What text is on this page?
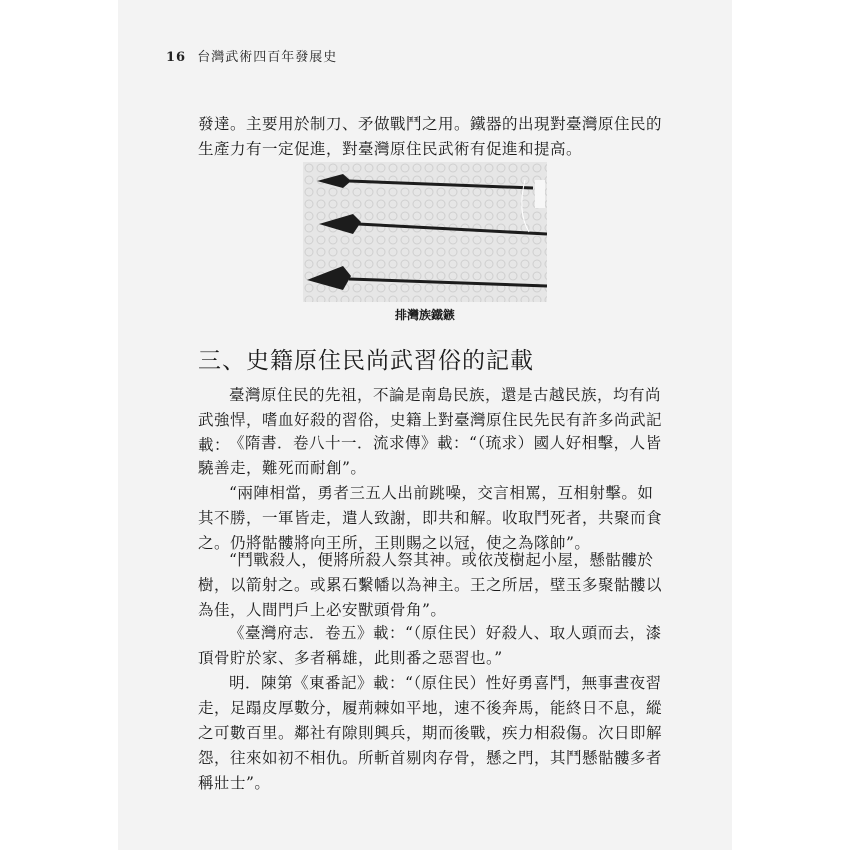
16 台灣武術四百年發展史

發達。主要用於制刀、矛做戰鬥之用。鐵器的出現對臺灣原住民的生產力有一定促進，對臺灣原住民武術有促進和提高。

排灣族鐵鏃
三、史籍原住民尚武習俗的記載

臺灣原住民的先祖，不論是南島民族，還是古越民族，均有尚武強悍，嗜血好殺的習俗，史籍上對臺灣原住民先民有許多尚武記載：

《隋書．卷八十一．流求傳》載：“（琉求）國人好相擊，人皆驍善走，難死而耐創”。

“兩陣相當，勇者三五人出前跳噪，交言相罵，互相射擊。如其不勝，一軍皆走，遣人致謝，即共和解。收取鬥死者，共聚而食之。仍將骷髏將向王所，王則賜之以冠，使之為隊帥”。

“鬥戰殺人，便將所殺人祭其神。或依茂樹起小屋，懸骷髏於樹，以箭射之。或累石繫幡以為神主。王之所居，壁玉多聚骷髏以為佳，人間門戶上必安獸頭骨角”。

《臺灣府志．卷五》載：“（原住民）好殺人、取人頭而去，漆頂骨貯於家、多者稱雄，此則番之惡習也。”

明．陳第《東番記》載：“（原住民）性好勇喜鬥，無事晝夜習走，足蹋皮厚數分，履荊棘如平地，速不後奔馬，能終日不息，縱之可數百里。鄰社有隙則興兵，期而後戰，疾力相殺傷。次日即解怨，往來如初不相仇。所斬首剔肉存骨，懸之門，其鬥懸骷髏多者稱壯士”。
